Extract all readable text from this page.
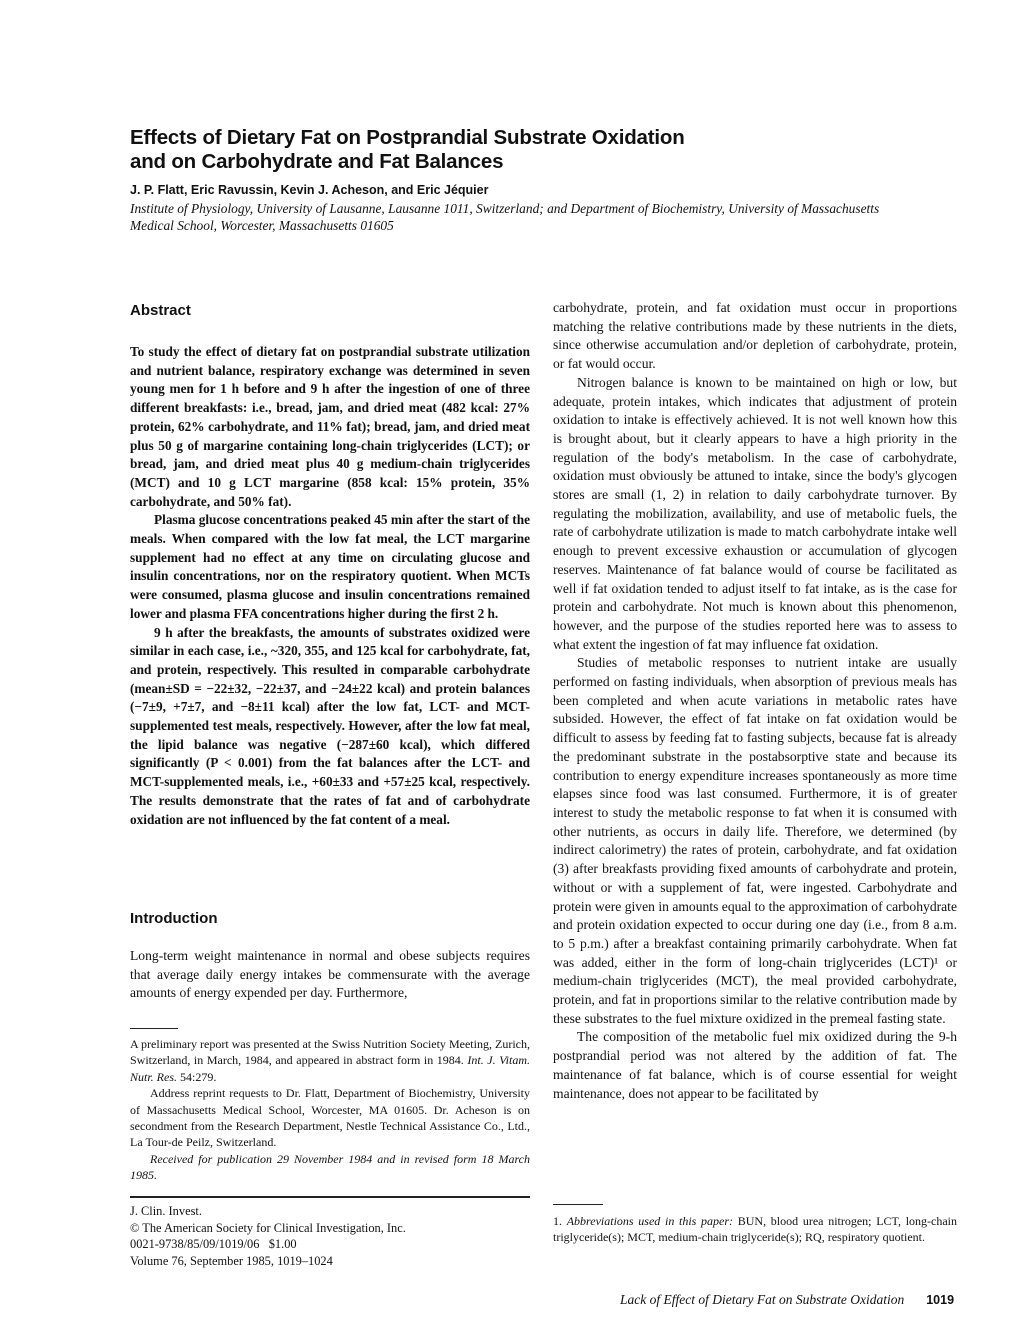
Effects of Dietary Fat on Postprandial Substrate Oxidation
and on Carbohydrate and Fat Balances
J. P. Flatt, Eric Ravussin, Kevin J. Acheson, and Eric Jéquier
Institute of Physiology, University of Lausanne, Lausanne 1011, Switzerland; and Department of Biochemistry, University of Massachusetts Medical School, Worcester, Massachusetts 01605
Abstract

To study the effect of dietary fat on postprandial substrate utilization and nutrient balance, respiratory exchange was determined in seven young men for 1 h before and 9 h after the ingestion of one of three different breakfasts: i.e., bread, jam, and dried meat (482 kcal: 27% protein, 62% carbohydrate, and 11% fat); bread, jam, and dried meat plus 50 g of margarine containing long-chain triglycerides (LCT); or bread, jam, and dried meat plus 40 g medium-chain triglycerides (MCT) and 10 g LCT margarine (858 kcal: 15% protein, 35% carbohydrate, and 50% fat).

Plasma glucose concentrations peaked 45 min after the start of the meals. When compared with the low fat meal, the LCT margarine supplement had no effect at any time on circulating glucose and insulin concentrations, nor on the respiratory quotient. When MCTs were consumed, plasma glucose and insulin concentrations remained lower and plasma FFA concentrations higher during the first 2 h.

9 h after the breakfasts, the amounts of substrates oxidized were similar in each case, i.e., ~320, 355, and 125 kcal for carbohydrate, fat, and protein, respectively. This resulted in comparable carbohydrate (mean±SD = −22±32, −22±37, and −24±22 kcal) and protein balances (−7±9, +7±7, and −8±11 kcal) after the low fat, LCT- and MCT-supplemented test meals, respectively. However, after the low fat meal, the lipid balance was negative (−287±60 kcal), which differed significantly (P < 0.001) from the fat balances after the LCT- and MCT-supplemented meals, i.e., +60±33 and +57±25 kcal, respectively. The results demonstrate that the rates of fat and of carbohydrate oxidation are not influenced by the fat content of a meal.

Introduction

Long-term weight maintenance in normal and obese subjects requires that average daily energy intakes be commensurate with the average amounts of energy expended per day. Furthermore,

A preliminary report was presented at the Swiss Nutrition Society Meeting, Zurich, Switzerland, in March, 1984, and appeared in abstract form in 1984. Int. J. Vitam. Nutr. Res. 54:279.

Address reprint requests to Dr. Flatt, Department of Biochemistry, University of Massachusetts Medical School, Worcester, MA 01605. Dr. Acheson is on secondment from the Research Department, Nestle Technical Assistance Co., Ltd., La Tour-de Peilz, Switzerland.

Received for publication 29 November 1984 and in revised form 18 March 1985.

J. Clin. Invest.
© The American Society for Clinical Investigation, Inc.
0021-9738/85/09/1019/06   $1.00
Volume 76, September 1985, 1019–1024

carbohydrate, protein, and fat oxidation must occur in proportions matching the relative contributions made by these nutrients in the diets, since otherwise accumulation and/or depletion of carbohydrate, protein, or fat would occur.

Nitrogen balance is known to be maintained on high or low, but adequate, protein intakes, which indicates that adjustment of protein oxidation to intake is effectively achieved. It is not well known how this is brought about, but it clearly appears to have a high priority in the regulation of the body's metabolism. In the case of carbohydrate, oxidation must obviously be attuned to intake, since the body's glycogen stores are small (1, 2) in relation to daily carbohydrate turnover. By regulating the mobilization, availability, and use of metabolic fuels, the rate of carbohydrate utilization is made to match carbohydrate intake well enough to prevent excessive exhaustion or accumulation of glycogen reserves. Maintenance of fat balance would of course be facilitated as well if fat oxidation tended to adjust itself to fat intake, as is the case for protein and carbohydrate. Not much is known about this phenomenon, however, and the purpose of the studies reported here was to assess to what extent the ingestion of fat may influence fat oxidation.

Studies of metabolic responses to nutrient intake are usually performed on fasting individuals, when absorption of previous meals has been completed and when acute variations in metabolic rates have subsided. However, the effect of fat intake on fat oxidation would be difficult to assess by feeding fat to fasting subjects, because fat is already the predominant substrate in the postabsorptive state and because its contribution to energy expenditure increases spontaneously as more time elapses since food was last consumed. Furthermore, it is of greater interest to study the metabolic response to fat when it is consumed with other nutrients, as occurs in daily life. Therefore, we determined (by indirect calorimetry) the rates of protein, carbohydrate, and fat oxidation (3) after breakfasts providing fixed amounts of carbohydrate and protein, without or with a supplement of fat, were ingested. Carbohydrate and protein were given in amounts equal to the approximation of carbohydrate and protein oxidation expected to occur during one day (i.e., from 8 a.m. to 5 p.m.) after a breakfast containing primarily carbohydrate. When fat was added, either in the form of long-chain triglycerides (LCT)¹ or medium-chain triglycerides (MCT), the meal provided carbohydrate, protein, and fat in proportions similar to the relative contribution made by these substrates to the fuel mixture oxidized in the premeal fasting state.

The composition of the metabolic fuel mix oxidized during the 9-h postprandial period was not altered by the addition of fat. The maintenance of fat balance, which is of course essential for weight maintenance, does not appear to be facilitated by

1. Abbreviations used in this paper: BUN, blood urea nitrogen; LCT, long-chain triglyceride(s); MCT, medium-chain triglyceride(s); RQ, respiratory quotient.

Lack of Effect of Dietary Fat on Substrate Oxidation 1019
